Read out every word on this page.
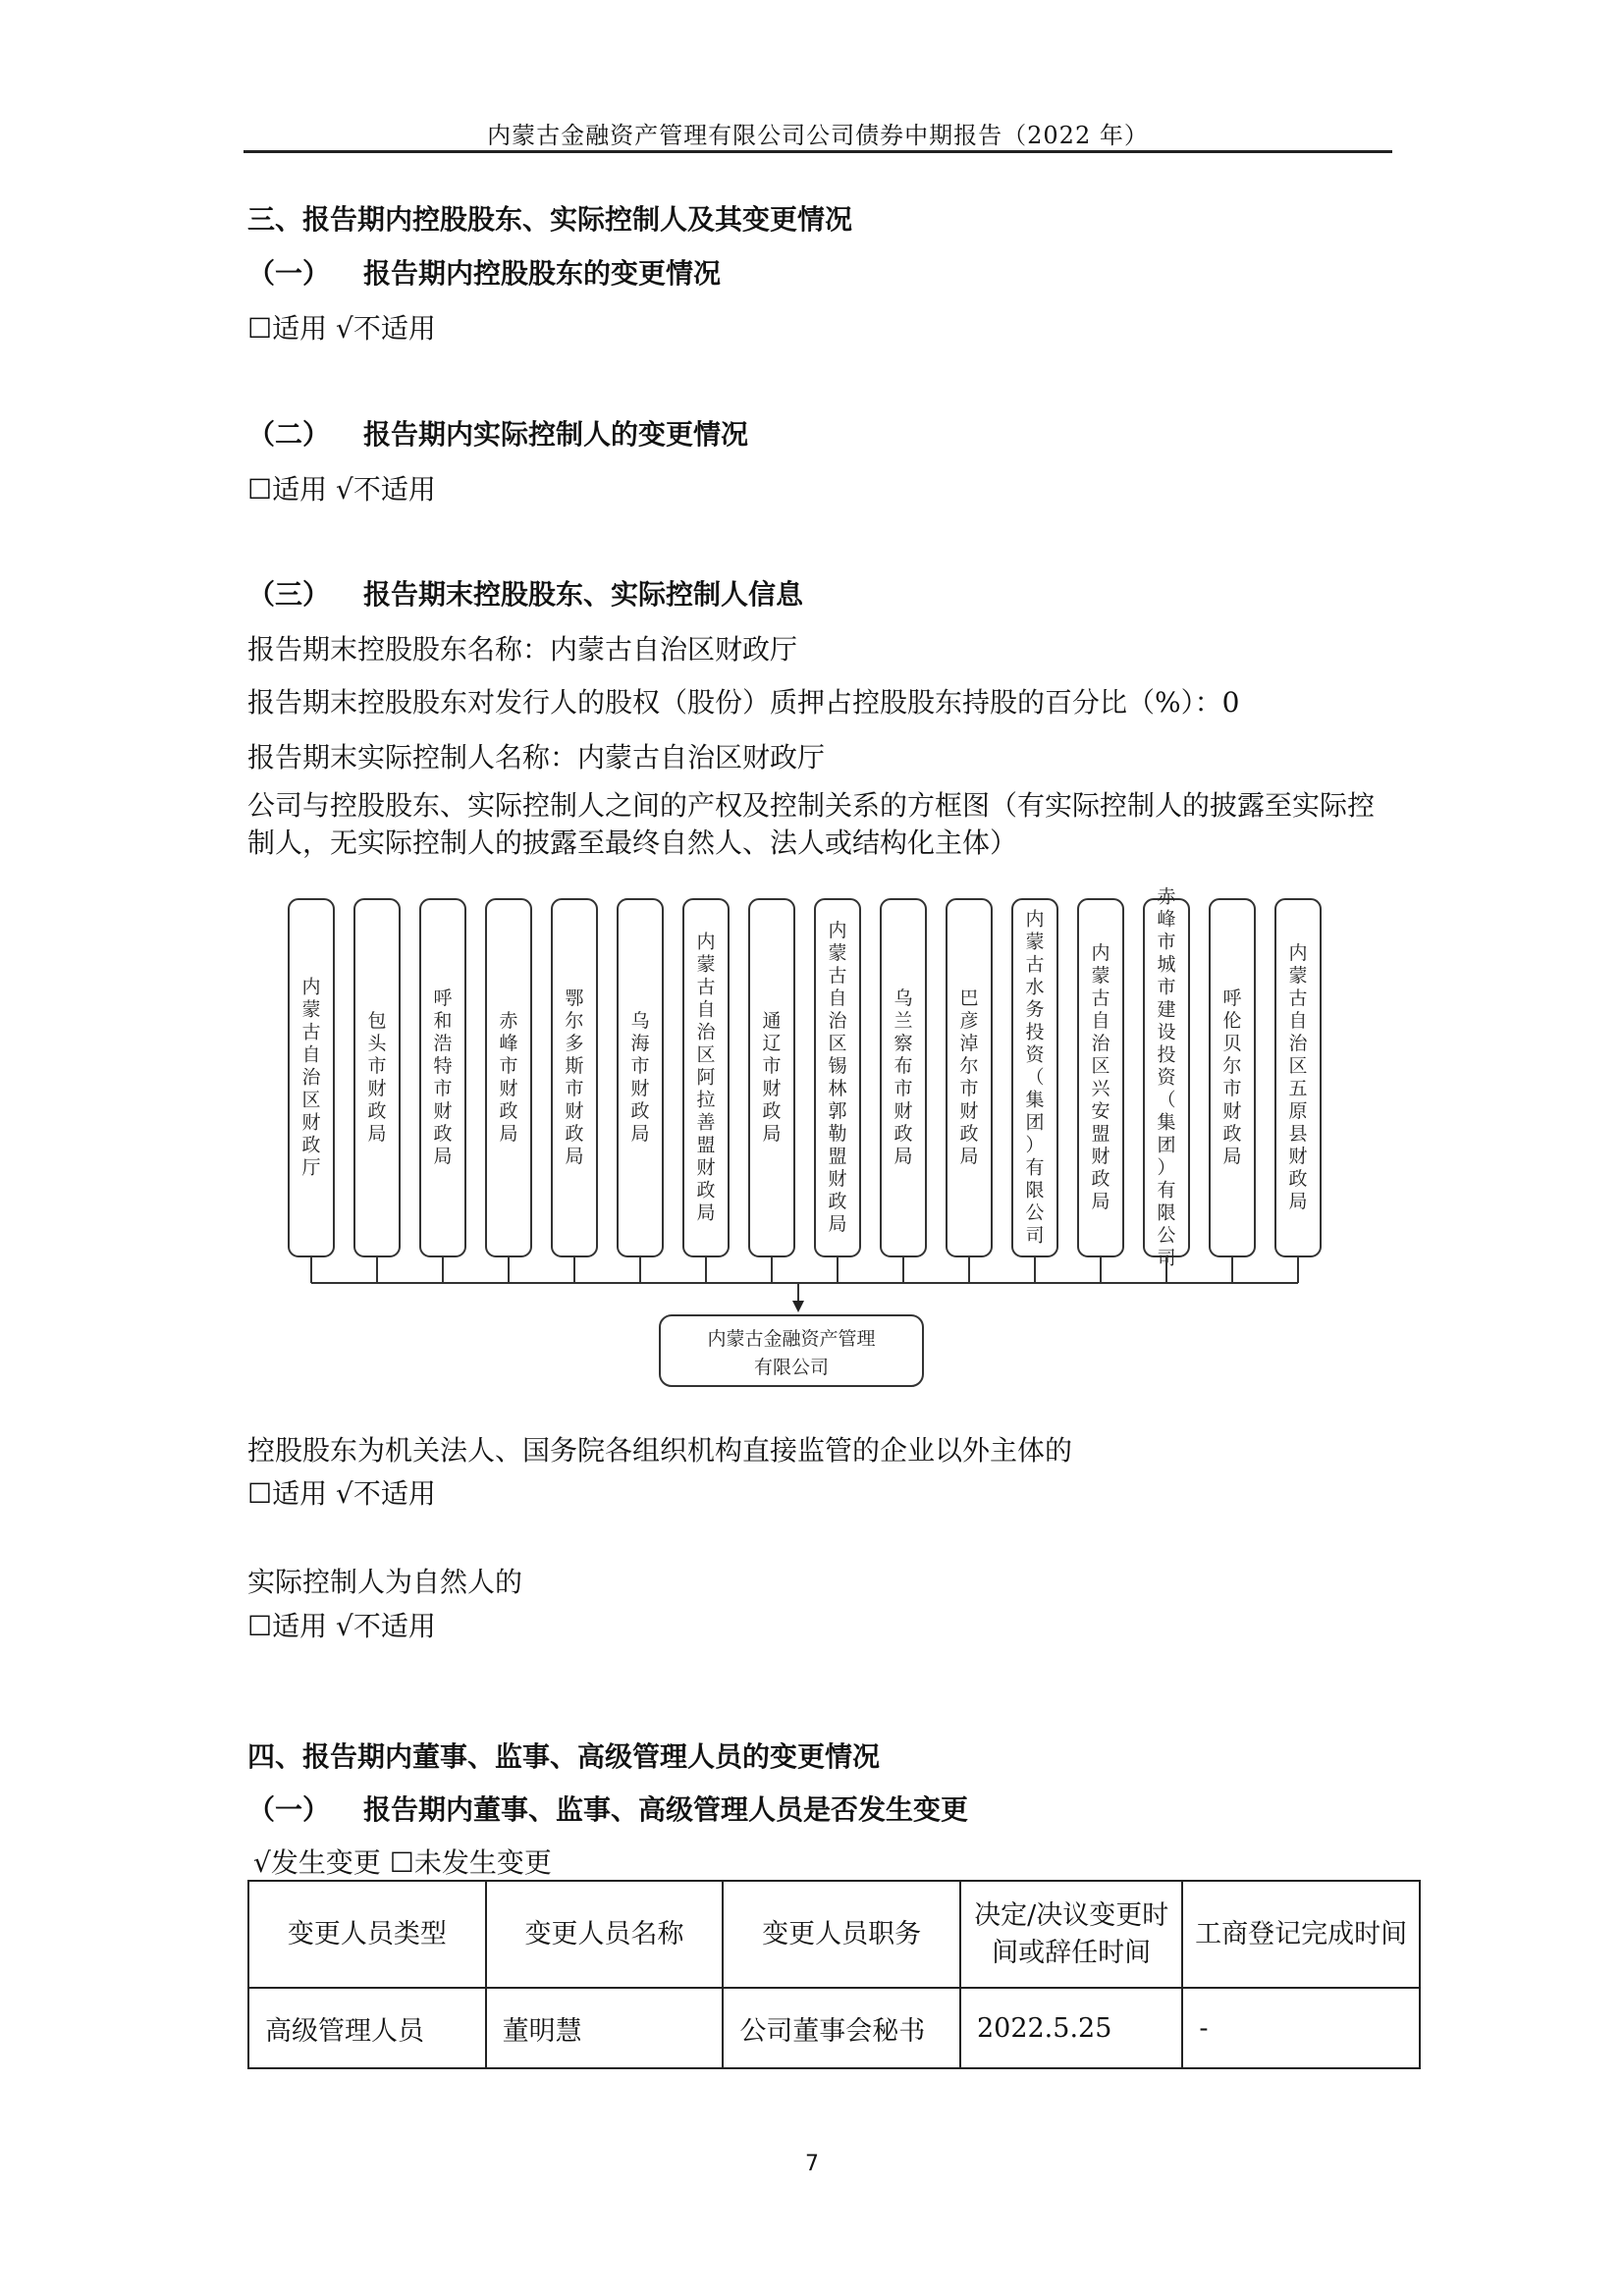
内蒙古金融资产管理有限公司公司债券中期报告（2022 年）
三、报告期内控股股东、实际控制人及其变更情况
（一） 报告期内控股股东的变更情况
☐适用 √不适用
（二） 报告期内实际控制人的变更情况
☐适用 √不适用
（三） 报告期末控股股东、实际控制人信息
报告期末控股股东名称：内蒙古自治区财政厅
报告期末控股股东对发行人的股权（股份）质押占控股股东持股的百分比（%）：0
报告期末实际控制人名称：内蒙古自治区财政厅
公司与控股股东、实际控制人之间的产权及控制关系的方框图（有实际控制人的披露至实际控制人，无实际控制人的披露至最终自然人、法人或结构化主体）
内蒙古自治区财政厅
包头市财政局
呼和浩特市财政局
赤峰市财政局
鄂尔多斯市财政局
乌海市财政局
内蒙古自治区阿拉善盟财政局
通辽市财政局
内蒙古自治区锡林郭勒盟财政局
乌兰察布市财政局
巴彦淖尔市财政局
内蒙古水务投资（集团）有限公司
内蒙古自治区兴安盟财政局
赤峰市城市建设投资（集团）有限公司
呼伦贝尔市财政局
内蒙古自治区五原县财政局
内蒙古金融资产管理
有限公司
控股股东为机关法人、国务院各组织机构直接监管的企业以外主体的
☐适用 √不适用
实际控制人为自然人的
☐适用 √不适用
四、报告期内董事、监事、高级管理人员的变更情况
（一） 报告期内董事、监事、高级管理人员是否发生变更
√发生变更 ☐未发生变更
变更人员类型	变更人员名称	变更人员职务	决定/决议变更时间或辞任时间	工商登记完成时间
高级管理人员	董明慧	公司董事会秘书	2022.5.25	-
7
